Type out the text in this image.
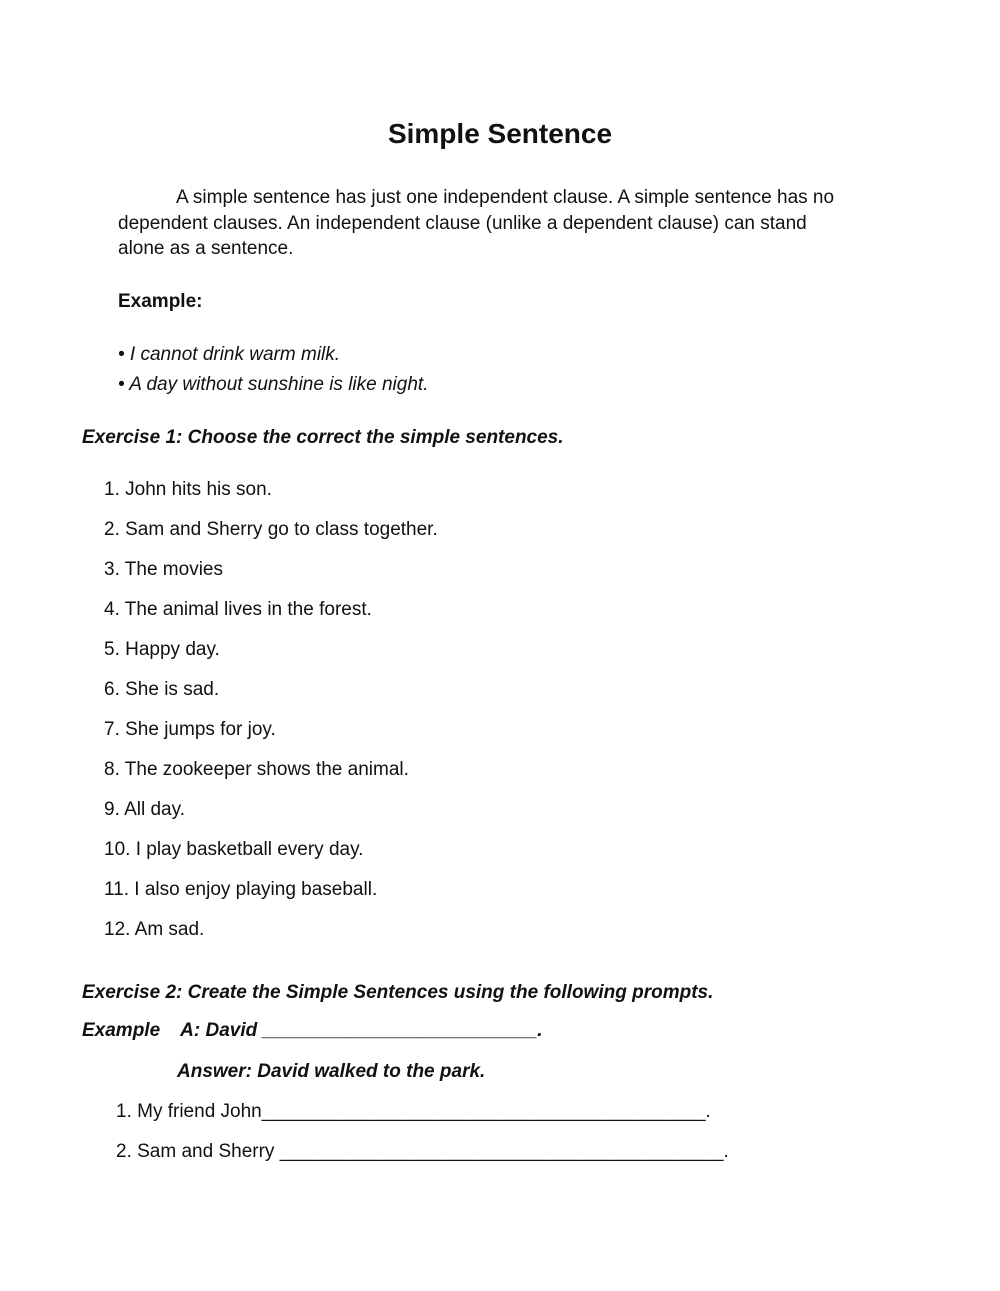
Simple Sentence

A simple sentence has just one independent clause. A simple sentence has no dependent clauses. An independent clause (unlike a dependent clause) can stand alone as a sentence.

Example:
• I cannot drink warm milk.
• A day without sunshine is like night.
Exercise 1: Choose the correct the simple sentences.
1. John hits his son.
2. Sam and Sherry go to class together.
3. The movies
4. The animal lives in the forest.
5. Happy day.
6. She is sad.
7. She jumps for joy.
8. The zookeeper shows the animal.
9. All day.
10. I play basketball every day.
11. I also enjoy playing baseball.
12. Am sad.
Exercise 2: Create the Simple Sentences using the following prompts.
Example A: David __________________________.
Answer: David walked to the park.
1. My friend John__________________________________________.
2. Sam and Sherry __________________________________________.
